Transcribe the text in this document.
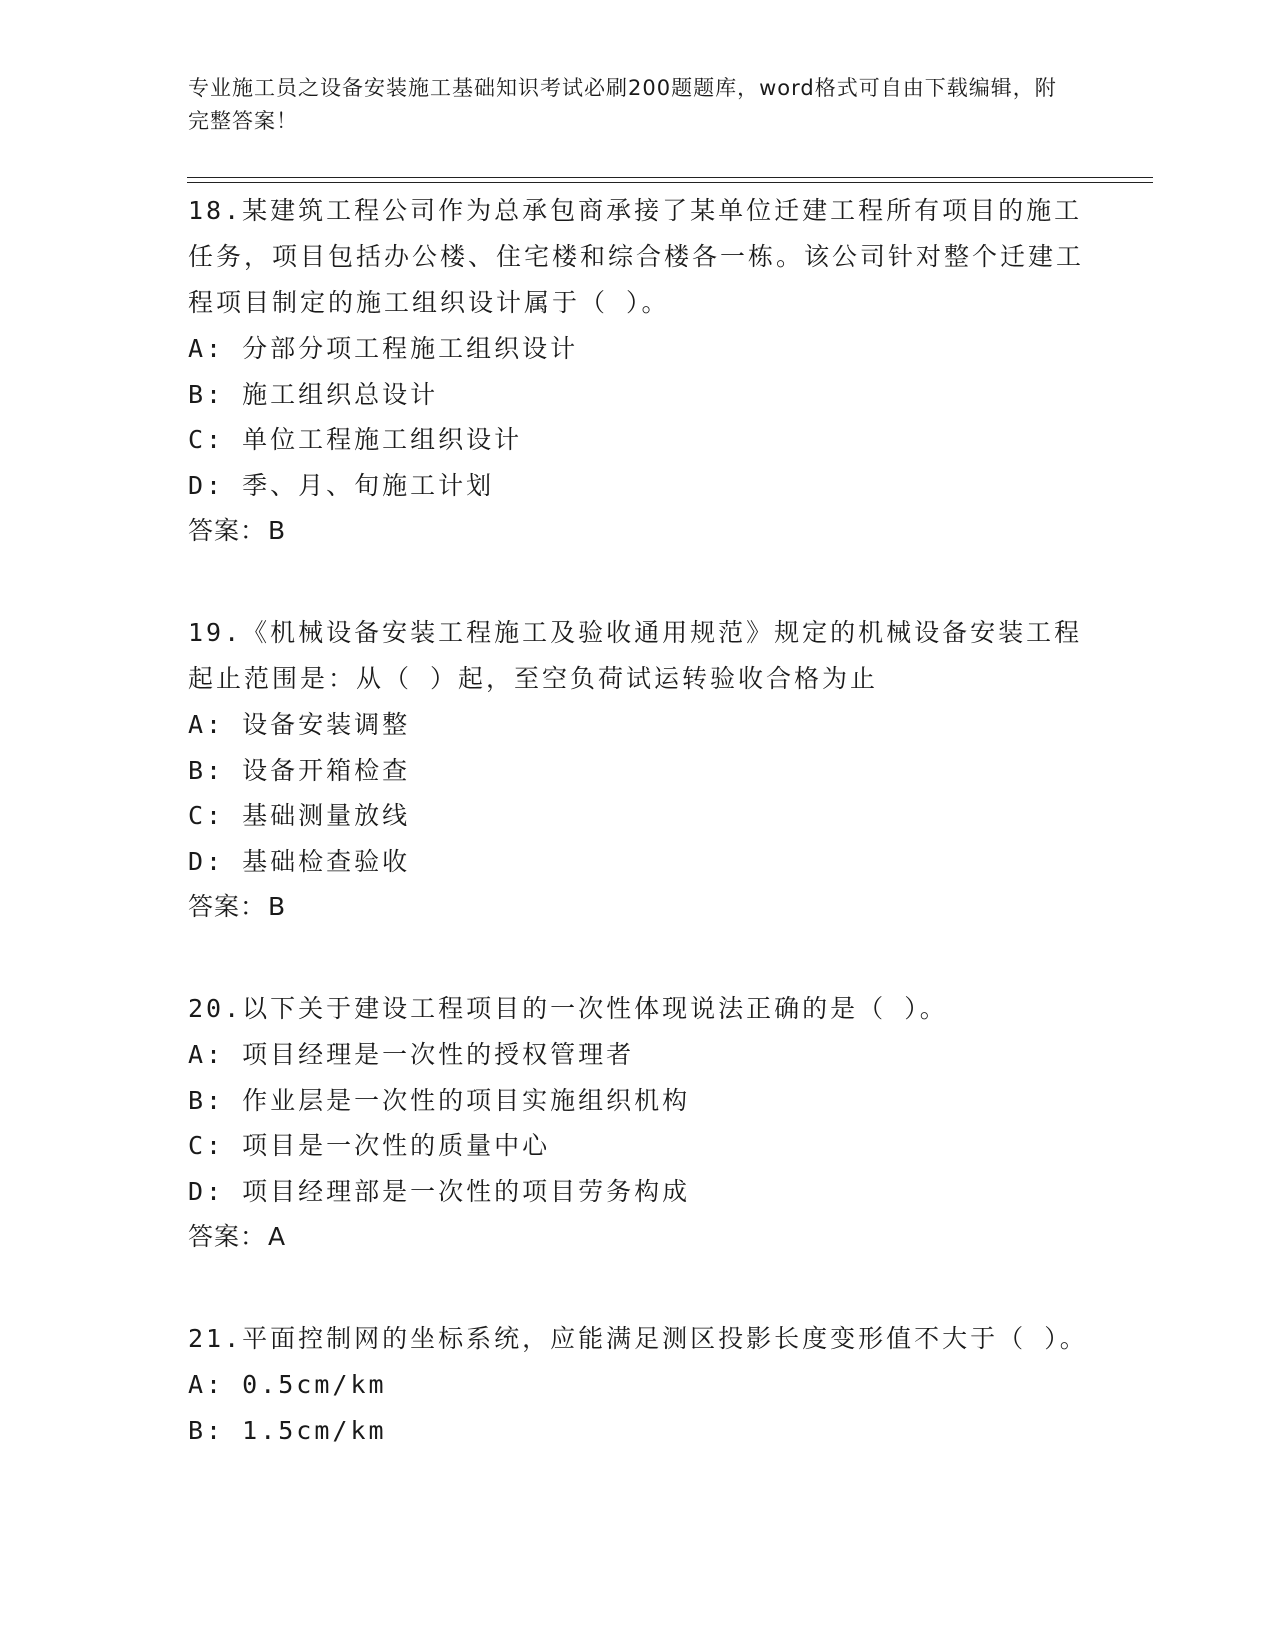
专业施工员之设备安装施工基础知识考试必刷200题题库，word格式可自由下载编辑，附完整答案！
18.某建筑工程公司作为总承包商承接了某单位迁建工程所有项目的施工任务，项目包括办公楼、住宅楼和综合楼各一栋。该公司针对整个迁建工程项目制定的施工组织设计属于（ ）。
A: 分部分项工程施工组织设计
B: 施工组织总设计
C: 单位工程施工组织设计
D: 季、月、旬施工计划
答案：B
19.《机械设备安装工程施工及验收通用规范》规定的机械设备安装工程起止范围是：从（ ）起，至空负荷试运转验收合格为止
A: 设备安装调整
B: 设备开箱检查
C: 基础测量放线
D: 基础检查验收
答案：B
20.以下关于建设工程项目的一次性体现说法正确的是（ ）。
A: 项目经理是一次性的授权管理者
B: 作业层是一次性的项目实施组织机构
C: 项目是一次性的质量中心
D: 项目经理部是一次性的项目劳务构成
答案：A
21.平面控制网的坐标系统，应能满足测区投影长度变形值不大于（ ）。
A: 0.5cm/km
B: 1.5cm/km
